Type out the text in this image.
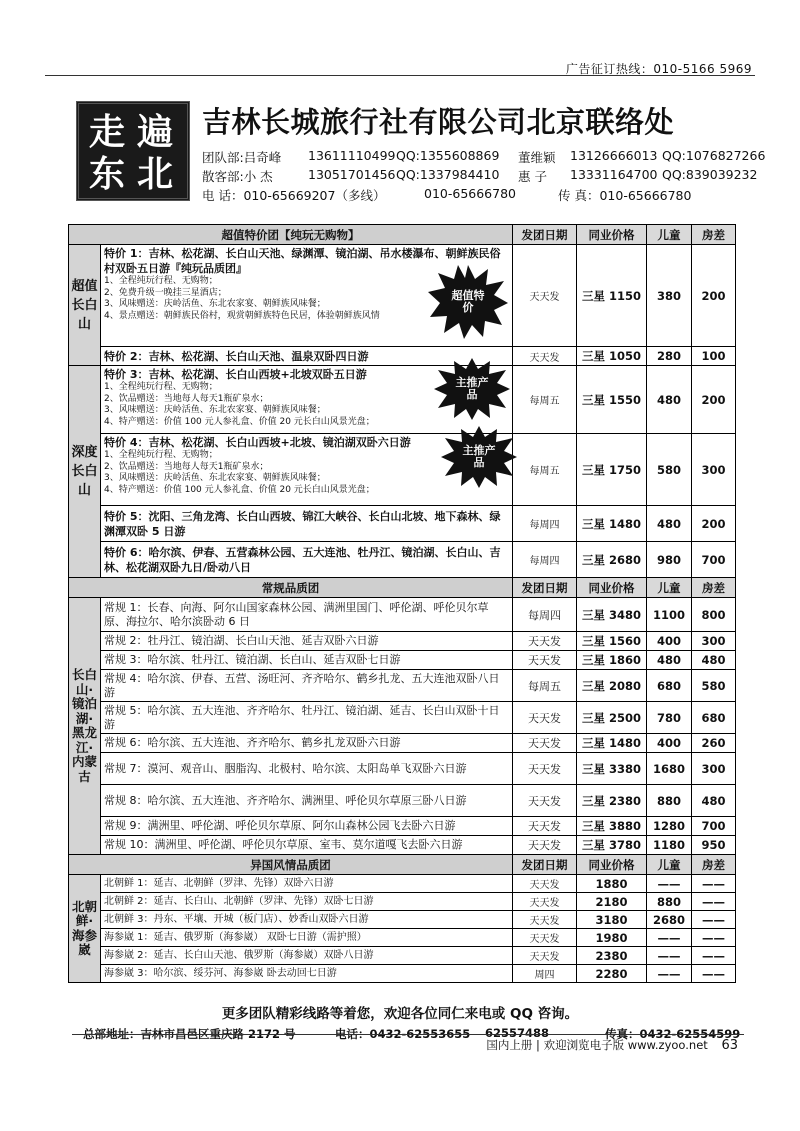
广告征订热线：010-5166 5969
走 遍
东 北
吉林长城旅行社有限公司北京联络处
团队部:吕奇峰 13611110499 QQ:1355608869 董维颖 13126666013 QQ:1076827266
散客部:小 杰	13051701456 QQ:1337984410 惠 子 13331164700 QQ:839039232
电 话：010-65669207（多线）	010-65666780	传 真：010-65666780
超值特价团【纯玩无购物】		发团日期	同业价格	儿童	房差
超值长白山	特价 1：吉林、松花湖、长白山天池、绿渊潭、镜泊湖、吊水楼瀑布、朝鲜族民俗村双卧五日游『纯玩品质团』
1、全程纯玩行程、无购物；
2、免费升级一晚挂三星酒店；
3、风味赠送：庆岭活鱼、东北农家宴、朝鲜族风味餐；
4、景点赠送：朝鲜族民俗村，观赏朝鲜族特色民居，体验朝鲜族风情	天天发	三星 1150	380	200
	特价 2：吉林、松花湖、长白山天池、温泉双卧四日游	天天发	三星 1050	280	100
深度长白山	特价 3：吉林、松花湖、长白山西坡+北坡双卧五日游
1、全程纯玩行程、无购物；
2、饮品赠送：当地每人每天1瓶矿泉水；
3、风味赠送：庆岭活鱼、东北农家宴、朝鲜族风味餐；
4、特产赠送：价值 100 元人参礼盒、价值 20 元长白山风景光盘；	每周五	三星 1550	480	200

	特价 4：吉林、松花湖、长白山西坡+北坡、镜泊湖双卧六日游
1、全程纯玩行程、无购物；
2、饮品赠送：当地每人每天1瓶矿泉水；
3、风味赠送：庆岭活鱼、东北农家宴、朝鲜族风味餐；
4、特产赠送：价值 100 元人参礼盒、价值 20 元长白山风景光盘；	每周五	三星 1750	580	300
	特价 5：沈阳、三角龙湾、长白山西坡、锦江大峡谷、长白山北坡、地下森林、绿渊潭双卧 5 日游	每周四	三星 1480	480	200
	特价 6：哈尔滨、伊春、五营森林公园、五大连池、牡丹江、镜泊湖、长白山、吉林、松花湖双卧九日/卧动八日	每周四	三星 2680	980	700
常规品质团		发团日期	同业价格	儿童	房差
长白山·镜泊湖·黑龙江·内蒙古	常规 1：长春、向海、阿尔山国家森林公园、满洲里国门、呼伦湖、呼伦贝尔草原、海拉尔、哈尔滨卧动 6 日	每周四	三星 3480	1100	800
	常规 2：牡丹江、镜泊湖、长白山天池、延吉双卧六日游	天天发	三星 1560	400	300
	常规 3：哈尔滨、牡丹江、镜泊湖、长白山、延吉双卧七日游	天天发	三星 1860	480	480
	常规 4：哈尔滨、伊春、五营、汤旺河、齐齐哈尔、鹤乡扎龙、五大连池双卧八日游	每周五	三星 2080	680	580
	常规 5：哈尔滨、五大连池、齐齐哈尔、牡丹江、镜泊湖、延吉、长白山双卧十日游	天天发	三星 2500	780	680
	常规 6：哈尔滨、五大连池、齐齐哈尔、鹤乡扎龙双卧六日游	天天发	三星 1480	400	260
	常规 7：漠河、观音山、胭脂沟、北极村、哈尔滨、太阳岛单飞双卧六日游	天天发	三星 3380	1680	300
	常规 8：哈尔滨、五大连池、齐齐哈尔、满洲里、呼伦贝尔草原三卧八日游	天天发	三星 2380	880	480
	常规 9：满洲里、呼伦湖、呼伦贝尔草原、阿尔山森林公园飞去卧六日游	天天发	三星 3880	1280	700
	常规 10：满洲里、呼伦湖、呼伦贝尔草原、室韦、莫尔道嘎飞去卧六日游	天天发	三星 3780	1180	950
异国风情品质团		发团日期	同业价格	儿童	房差
北朝鲜·海参崴	北朝鲜 1：延吉、北朝鲜（罗津、先锋）双卧六日游	天天发	1880	——	——
	北朝鲜 2：延吉、长白山、北朝鲜（罗津、先锋）双卧七日游	天天发	2180	880	——
	北朝鲜 3：丹东、平壤、开城（板门店）、妙香山双卧六日游	天天发	3180	2680	——
	海参崴 1：延吉、俄罗斯（海参崴） 双卧七日游（需护照）	天天发	1980	——	——
	海参崴 2：延吉、长白山天池、俄罗斯（海参崴）双卧八日游	天天发	2380	——	——
	海参崴 3：哈尔滨、绥芬河、海参崴 卧去动回七日游	周四	2280	——	——
超值特价
主推产品
主推产品
更多团队精彩线路等着您，欢迎各位同仁来电或 QQ 咨询。
总部地址：吉林市昌邑区重庆路 2172 号	电话：0432-62553655 62557488	传真：0432-62554599
国内上册 | 欢迎浏览电子版 www.zyoo.net 63
